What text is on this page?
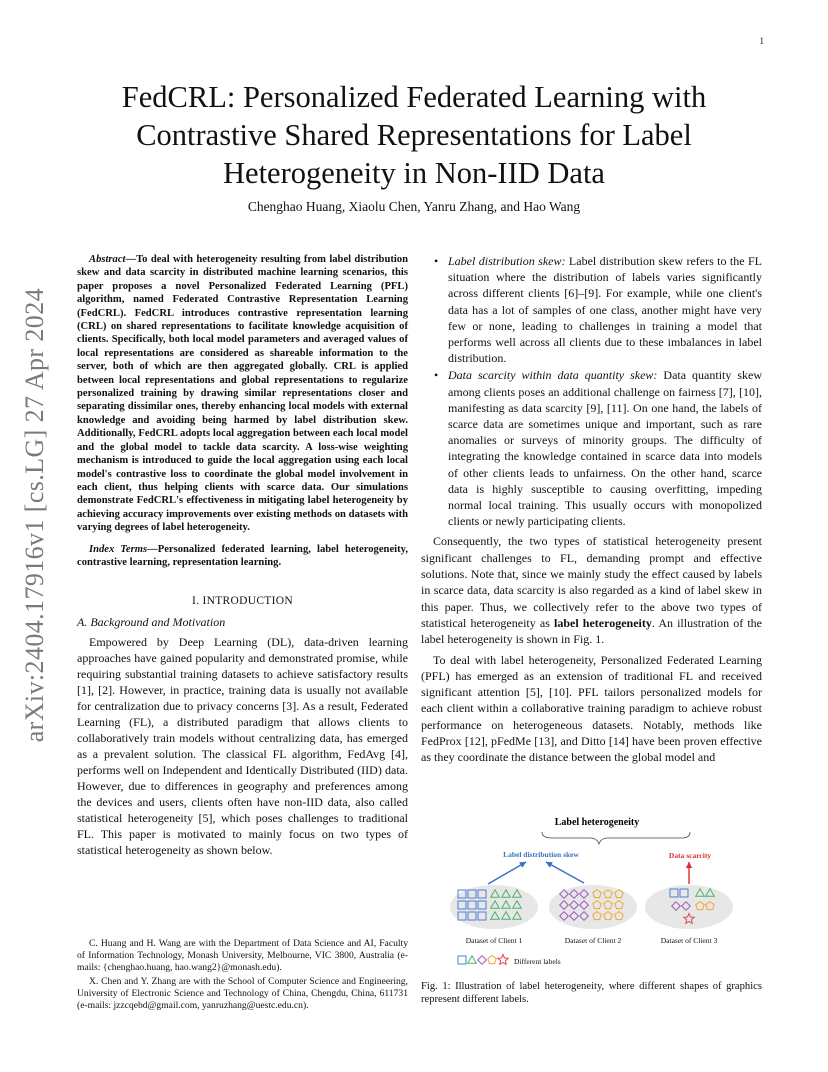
1
arXiv:2404.17916v1 [cs.LG] 27 Apr 2024
FedCRL: Personalized Federated Learning with Contrastive Shared Representations for Label Heterogeneity in Non-IID Data
Chenghao Huang, Xiaolu Chen, Yanru Zhang, and Hao Wang

Abstract—To deal with heterogeneity resulting from label distribution skew and data scarcity in distributed machine learning scenarios, this paper proposes a novel Personalized Federated Learning (PFL) algorithm, named Federated Contrastive Representation Learning (FedCRL). FedCRL introduces contrastive representation learning (CRL) on shared representations to facilitate knowledge acquisition of clients. Specifically, both local model parameters and averaged values of local representations are considered as shareable information to the server, both of which are then aggregated globally. CRL is applied between local representations and global representations to regularize personalized training by drawing similar representations closer and separating dissimilar ones, thereby enhancing local models with external knowledge and avoiding being harmed by label distribution skew. Additionally, FedCRL adopts local aggregation between each local model and the global model to tackle data scarcity. A loss-wise weighting mechanism is introduced to guide the local aggregation using each local model's contrastive loss to coordinate the global model involvement in each client, thus helping clients with scarce data. Our simulations demonstrate FedCRL's effectiveness in mitigating label heterogeneity by achieving accuracy improvements over existing methods on datasets with varying degrees of label heterogeneity.

Index Terms—Personalized federated learning, label heterogeneity, contrastive learning, representation learning.

I. INTRODUCTION
A. Background and Motivation

Empowered by Deep Learning (DL), data-driven learning approaches have gained popularity and demonstrated promise, while requiring substantial training datasets to achieve satisfactory results [1], [2]. However, in practice, training data is usually not available for centralization due to privacy concerns [3]. As a result, Federated Learning (FL), a distributed paradigm that allows clients to collaboratively train models without centralizing data, has emerged as a prevalent solution. The classical FL algorithm, FedAvg [4], performs well on Independent and Identically Distributed (IID) data. However, due to differences in geography and preferences among the devices and users, clients often have non-IID data, also called statistical heterogeneity [5], which poses challenges to traditional FL. This paper is motivated to mainly focus on two types of statistical heterogeneity as shown below.

C. Huang and H. Wang are with the Department of Data Science and AI, Faculty of Information Technology, Monash University, Melbourne, VIC 3800, Australia (e-mails: {chenghao.huang, hao.wang2}@monash.edu).

X. Chen and Y. Zhang are with the School of Computer Science and Engineering, University of Electronic Science and Technology of China, Chengdu, China, 611731 (e-mails: jzzcqebd@gmail.com, yanruzhang@uestc.edu.cn).

• Label distribution skew: Label distribution skew refers to the FL situation where the distribution of labels varies significantly across different clients [6]–[9]. For example, while one client's data has a lot of samples of one class, another might have very few or none, leading to challenges in training a model that performs well across all clients due to these imbalances in label distribution.
• Data scarcity within data quantity skew: Data quantity skew among clients poses an additional challenge on fairness [7], [10], manifesting as data scarcity [9], [11]. On one hand, the labels of scarce data are sometimes unique and important, such as rare anomalies or surveys of minority groups. The difficulty of integrating the knowledge contained in scarce data into models of other clients leads to unfairness. On the other hand, scarce data is highly susceptible to causing overfitting, impeding normal local training. This usually occurs with monopolized clients or newly participating clients.

Consequently, the two types of statistical heterogeneity present significant challenges to FL, demanding prompt and effective solutions. Note that, since we mainly study the effect caused by labels in scarce data, data scarcity is also regarded as a kind of label skew in this paper. Thus, we collectively refer to the above two types of statistical heterogeneity as label heterogeneity. An illustration of the label heterogeneity is shown in Fig. 1.

To deal with label heterogeneity, Personalized Federated Learning (PFL) has emerged as an extension of traditional FL and received significant attention [5], [10]. PFL tailors personalized models for each client within a collaborative training paradigm to achieve robust performance on heterogeneous datasets. Notably, methods like FedProx [12], pFedMe [13], and Ditto [14] have been proven effective as they coordinate the distance between the global model and

Label heterogeneity
Label distribution skew	Data scarcity
Dataset of Client 1	Dataset of Client 2	Dataset of Client 3
Different labels

Fig. 1: Illustration of label heterogeneity, where different shapes of graphics represent different labels.
